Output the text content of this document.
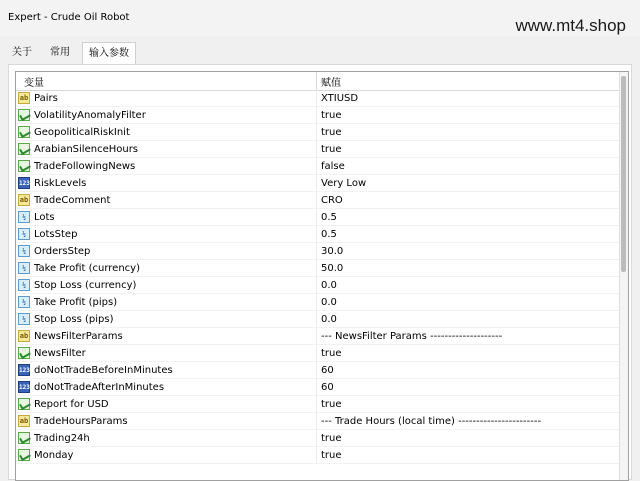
Expert - Crude Oil Robot	www.mt4.shop
关于	常用	输入参数
变量	赋值
ab Pairs	XTIUSD
VolatilityAnomalyFilter	true
GeopoliticalRiskInit	true
ArabianSilenceHours	true
TradeFollowingNews	false
123 RiskLevels	Very Low
ab TradeComment	CRO
½ Lots	0.5
½ LotsStep	0.5
½ OrdersStep	30.0
½ Take Profit (currency)	50.0
½ Stop Loss (currency)	0.0
½ Take Profit (pips)	0.0
½ Stop Loss (pips)	0.0
ab NewsFilterParams	--- NewsFilter Params --------------------
NewsFilter	true
123 doNotTradeBeforeInMinutes	60
123 doNotTradeAfterInMinutes	60
Report for USD	true
ab TradeHoursParams	--- Trade Hours (local time) -----------------------
Trading24h	true
Monday	true
